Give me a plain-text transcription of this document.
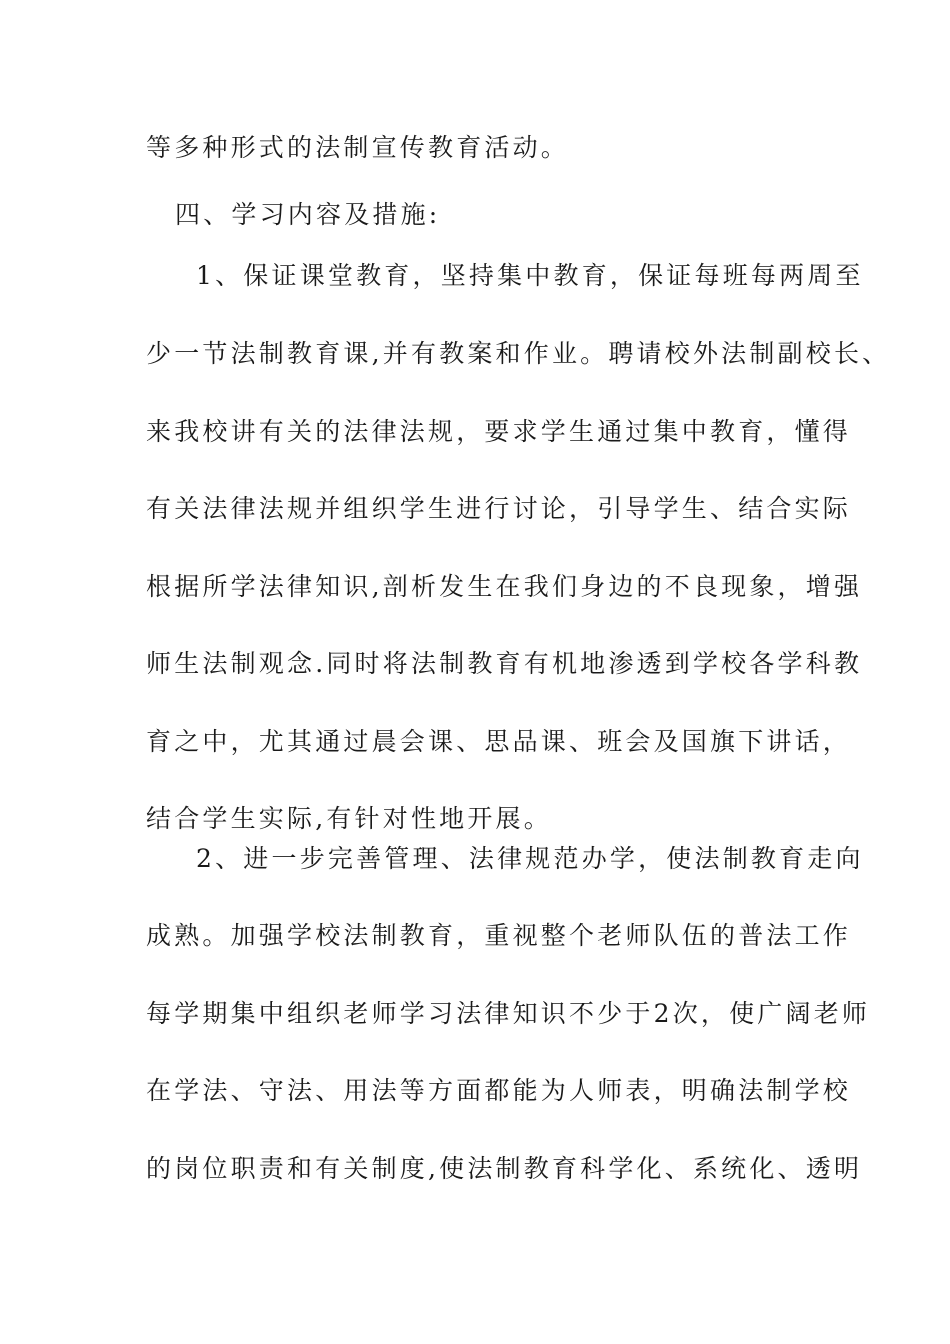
等多种形式的法制宣传教育活动。
四、学习内容及措施:
1、保证课堂教育，坚持集中教育，保证每班每两周至
少一节法制教育课,并有教案和作业。聘请校外法制副校长、
来我校讲有关的法律法规，要求学生通过集中教育，懂得
有关法律法规并组织学生进行讨论，引导学生、结合实际
根据所学法律知识,剖析发生在我们身边的不良现象，增强
师生法制观念.同时将法制教育有机地渗透到学校各学科教
育之中，尤其通过晨会课、思品课、班会及国旗下讲话，
结合学生实际,有针对性地开展。
2、进一步完善管理、法律规范办学，使法制教育走向
成熟。加强学校法制教育，重视整个老师队伍的普法工作
每学期集中组织老师学习法律知识不少于2次，使广阔老师
在学法、守法、用法等方面都能为人师表，明确法制学校
的岗位职责和有关制度,使法制教育科学化、系统化、透明
